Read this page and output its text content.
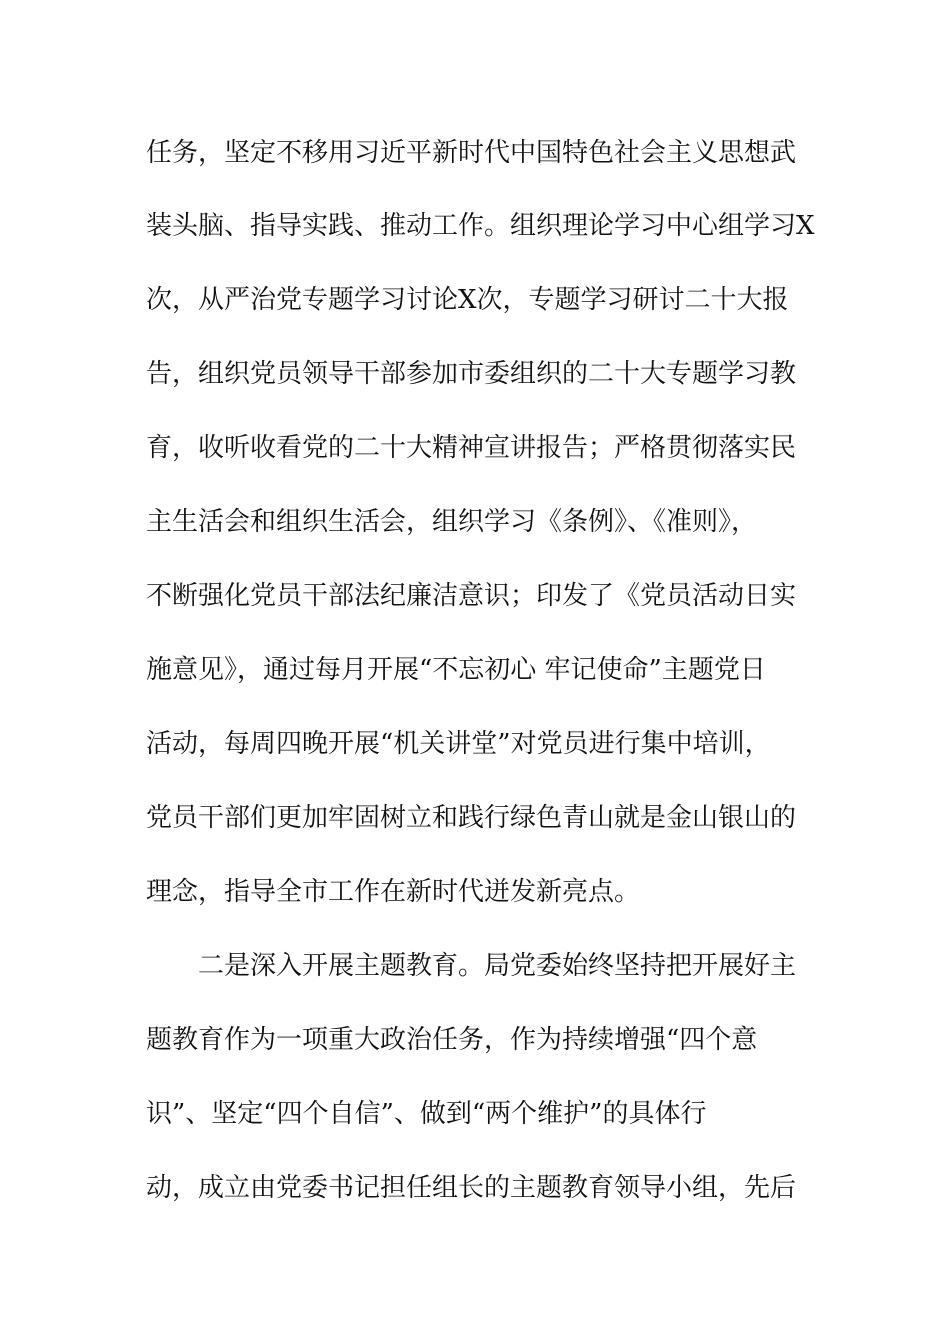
任务，坚定不移用习近平新时代中国特色社会主义思想武
装头脑、指导实践、推动工作。组织理论学习中心组学习X
次，从严治党专题学习讨论X次，专题学习研讨二十大报
告，组织党员领导干部参加市委组织的二十大专题学习教
育，收听收看党的二十大精神宣讲报告；严格贯彻落实民
主生活会和组织生活会，组织学习《条例》、《准则》，
不断强化党员干部法纪廉洁意识；印发了《党员活动日实
施意见》，通过每月开展“不忘初心 牢记使命”主题党日
活动，每周四晚开展“机关讲堂”对党员进行集中培训，
党员干部们更加牢固树立和践行绿色青山就是金山银山的
理念，指导全市工作在新时代迸发新亮点。
二是深入开展主题教育。局党委始终坚持把开展好主
题教育作为一项重大政治任务，作为持续增强“四个意
识”、坚定“四个自信”、做到“两个维护”的具体行
动，成立由党委书记担任组长的主题教育领导小组，先后
